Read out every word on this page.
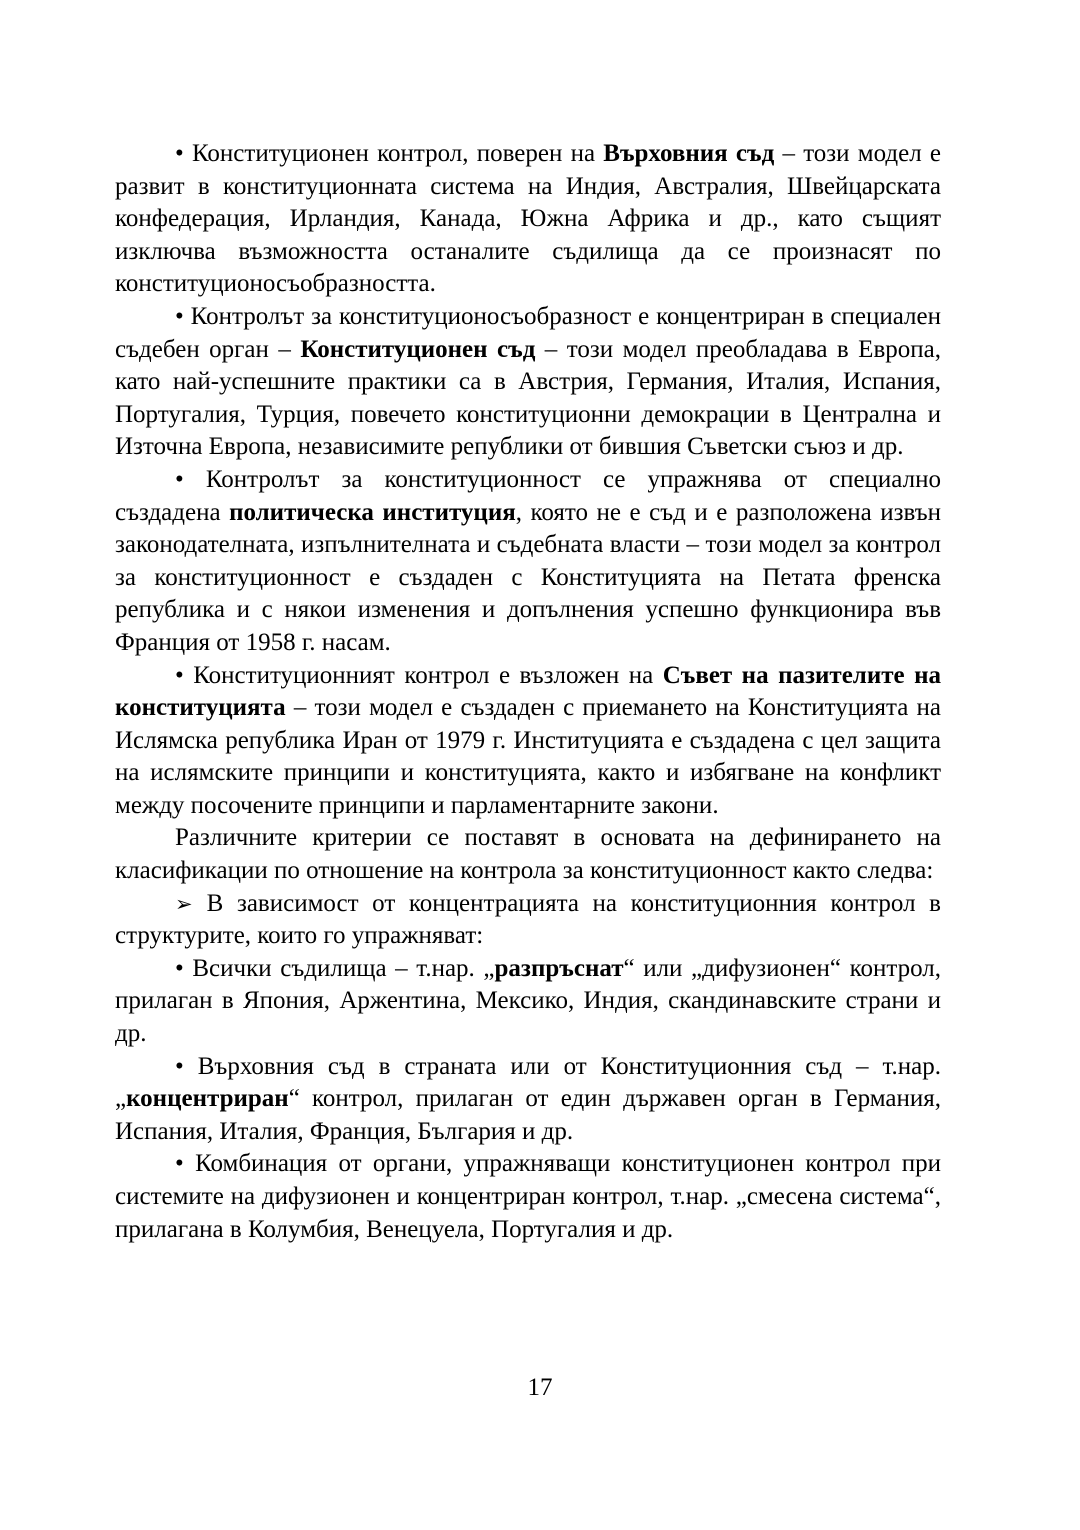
• Конституционен контрол, поверен на Върховния съд – този модел е развит в конституционната система на Индия, Австралия, Швейцарската конфедерация, Ирландия, Канада, Южна Африка и др., като същият изключва възможността останалите съдилища да се произнасят по конституционосъобразността.

• Контролът за конституционосъобразност е концентриран в специален съдебен орган – Конституционен съд – този модел преобладава в Европа, като най-успешните практики са в Австрия, Германия, Италия, Испания, Португалия, Турция, повечето конституционни демокрации в Централна и Източна Европа, независимите републики от бившия Съветски съюз и др.

• Контролът за конституционност се упражнява от специално създадена политическа институция, която не е съд и е разположена извън законодателната, изпълнителната и съдебната власти – този модел за контрол за конституционност е създаден с Конституцията на Петата френска република и с някои изменения и допълнения успешно функционира във Франция от 1958 г. насам.

• Конституционният контрол е възложен на Съвет на пазителите на конституцията – този модел е създаден с приемането на Конституцията на Ислямска република Иран от 1979 г. Институцията е създадена с цел защита на ислямските принципи и конституцията, както и избягване на конфликт между посочените принципи и парламентарните закони.

Различните критерии се поставят в основата на дефинирането на класификации по отношение на контрола за конституционност както следва:

➢ В зависимост от концентрацията на конституционния контрол в структурите, които го упражняват:

• Всички съдилища – т.нар. „разпръснат“ или „дифузионен“ контрол, прилаган в Япония, Аржентина, Мексико, Индия, скандинавските страни и др.

• Върховния съд в страната или от Конституционния съд – т.нар. „концентриран“ контрол, прилаган от един държавен орган в Германия, Испания, Италия, Франция, България и др.

• Комбинация от органи, упражняващи конституционен контрол при системите на дифузионен и концентриран контрол, т.нар. „смесена система“, прилагана в Колумбия, Венецуела, Португалия и др.

17
